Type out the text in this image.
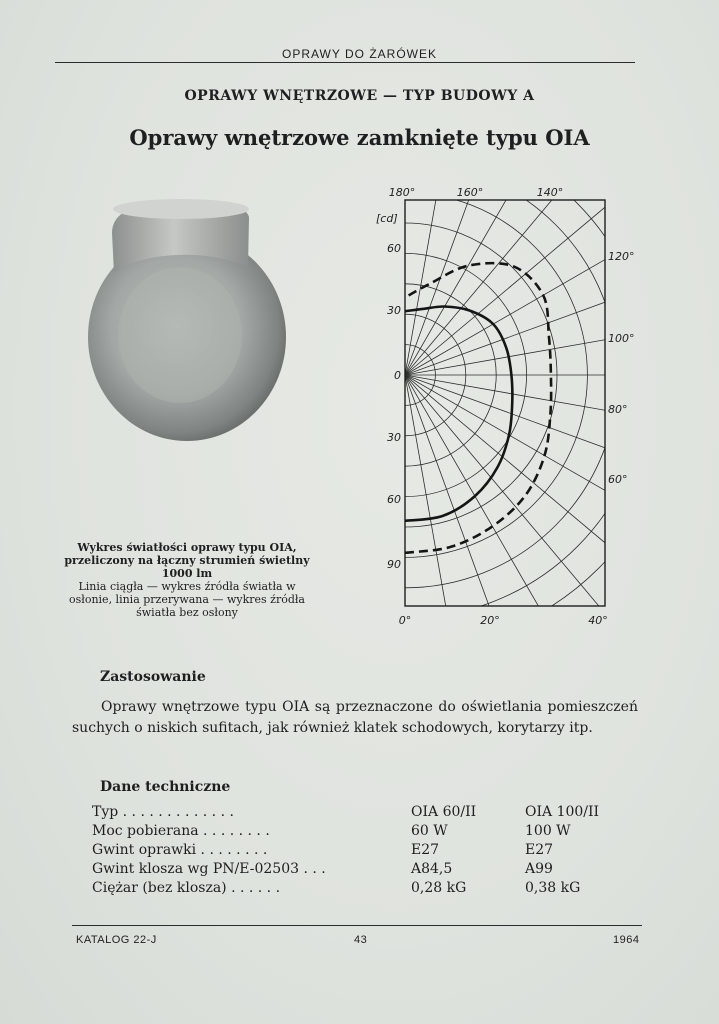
OPRAWY DO ŻARÓWEK
OPRAWY WNĘTRZOWE — TYP BUDOWY A
Oprawy wnętrzowe zamknięte typu OIA
180°	160°	140°
120°
100°
80°
60°
[cd]
60
30
0
30
60
90
0°	20°	40°
Wykres światłości oprawy typu OIA, przeliczony na łączny strumień świetlny 1000 lm
Linia ciągła — wykres źródła światła w osłonie, linia przerywana — wykres źródła światła bez osłony
Zastosowanie
Oprawy wnętrzowe typu OIA są przeznaczone do oświetlania pomieszczeń suchych o niskich sufitach, jak również klatek schodowych, korytarzy itp.
Dane techniczne
Typ . . . . . . . . . . . . .	OIA 60/II	OIA 100/II
Moc pobierana . . . . . . . .	60 W	100 W
Gwint oprawki . . . . . . . .	E27	E27
Gwint klosza wg PN/E-02503 . . .	A84,5	A99
Ciężar (bez klosza) . . . . . .	0,28 kG	0,38 kG
KATALOG 22-J	43	1964
